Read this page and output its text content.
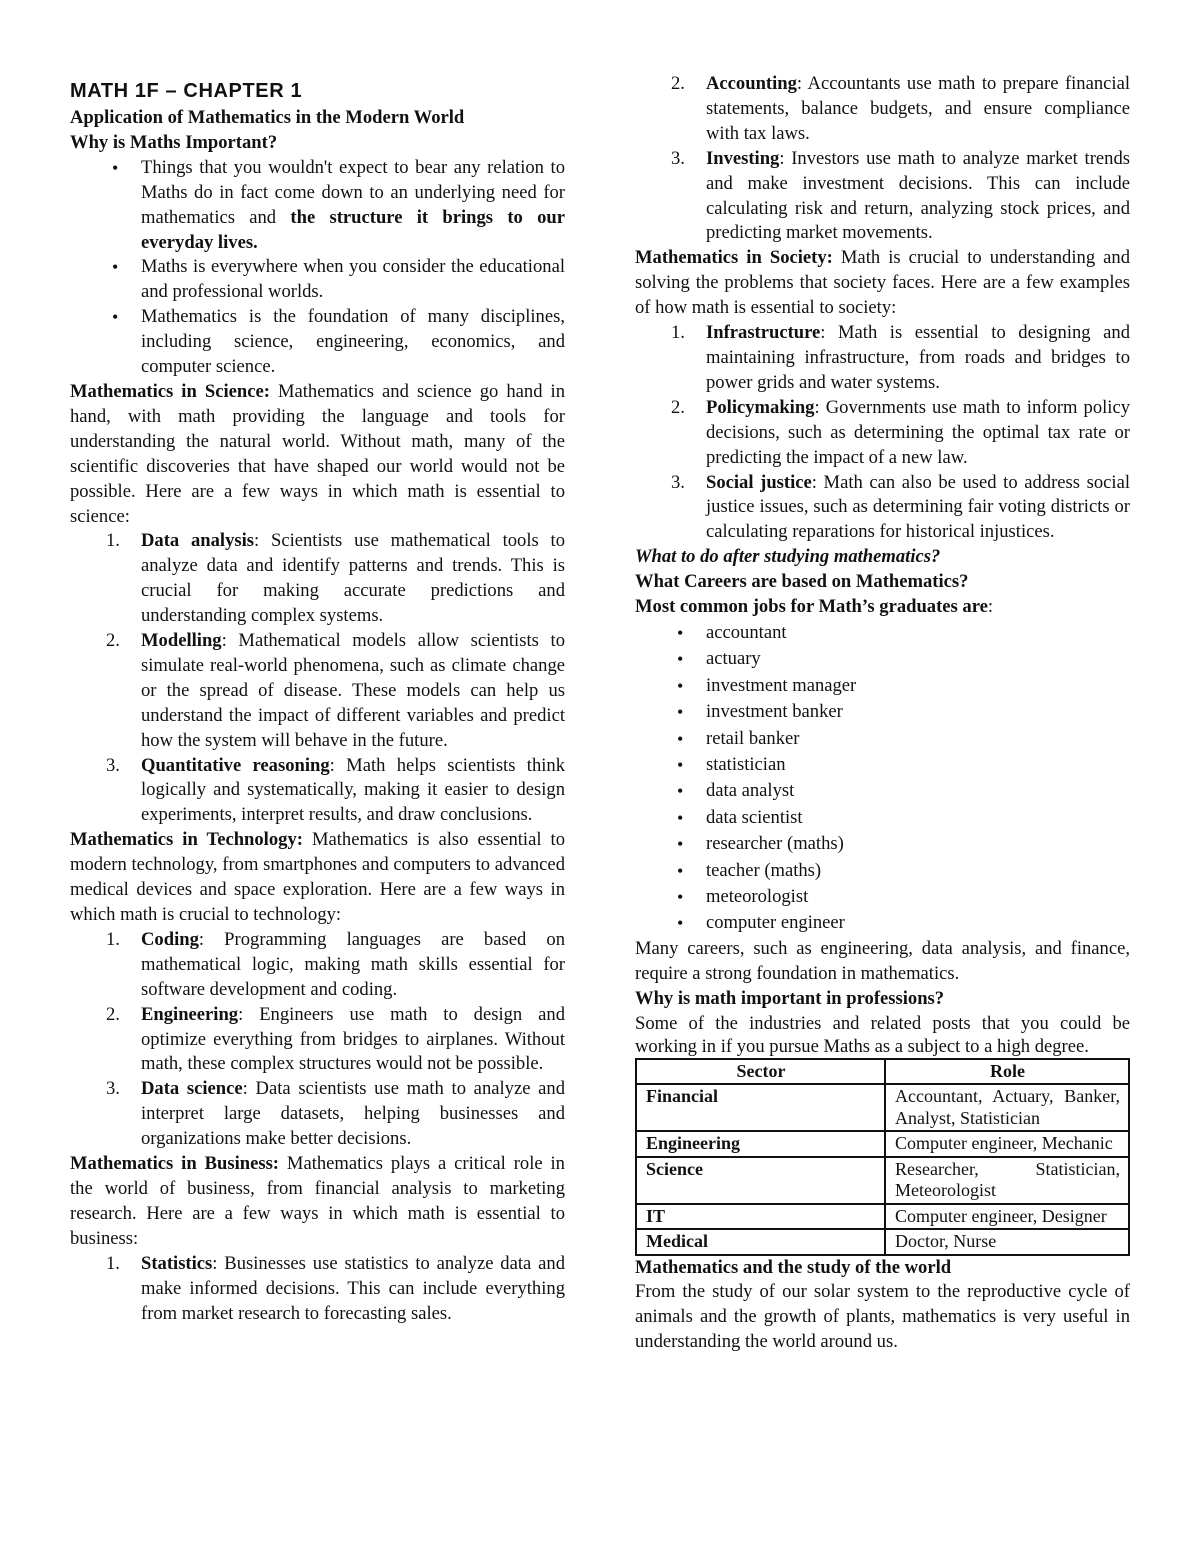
MATH 1F – CHAPTER 1

Application of Mathematics in the Modern World

Why is Maths Important?

• Things that you wouldn't expect to bear any relation to Maths do in fact come down to an underlying need for mathematics and the structure it brings to our everyday lives.
• Maths is everywhere when you consider the educational and professional worlds.
• Mathematics is the foundation of many disciplines, including science, engineering, economics, and computer science.

Mathematics in Science: Mathematics and science go hand in hand, with math providing the language and tools for understanding the natural world. Without math, many of the scientific discoveries that have shaped our world would not be possible. Here are a few ways in which math is essential to science:

1. Data analysis: Scientists use mathematical tools to analyze data and identify patterns and trends. This is crucial for making accurate predictions and understanding complex systems.
2. Modelling: Mathematical models allow scientists to simulate real-world phenomena, such as climate change or the spread of disease. These models can help us understand the impact of different variables and predict how the system will behave in the future.
3. Quantitative reasoning: Math helps scientists think logically and systematically, making it easier to design experiments, interpret results, and draw conclusions.

Mathematics in Technology: Mathematics is also essential to modern technology, from smartphones and computers to advanced medical devices and space exploration. Here are a few ways in which math is crucial to technology:

1. Coding: Programming languages are based on mathematical logic, making math skills essential for software development and coding.
2. Engineering: Engineers use math to design and optimize everything from bridges to airplanes. Without math, these complex structures would not be possible.
3. Data science: Data scientists use math to analyze and interpret large datasets, helping businesses and organizations make better decisions.

Mathematics in Business: Mathematics plays a critical role in the world of business, from financial analysis to marketing research. Here are a few ways in which math is essential to business:

1. Statistics: Businesses use statistics to analyze data and make informed decisions. This can include everything from market research to forecasting sales.
2. Accounting: Accountants use math to prepare financial statements, balance budgets, and ensure compliance with tax laws.
3. Investing: Investors use math to analyze market trends and make investment decisions. This can include calculating risk and return, analyzing stock prices, and predicting market movements.

Mathematics in Society: Math is crucial to understanding and solving the problems that society faces. Here are a few examples of how math is essential to society:

1. Infrastructure: Math is essential to designing and maintaining infrastructure, from roads and bridges to power grids and water systems.
2. Policymaking: Governments use math to inform policy decisions, such as determining the optimal tax rate or predicting the impact of a new law.
3. Social justice: Math can also be used to address social justice issues, such as determining fair voting districts or calculating reparations for historical injustices.

What to do after studying mathematics?

What Careers are based on Mathematics?

Most common jobs for Math’s graduates are:

• accountant
• actuary
• investment manager
• investment banker
• retail banker
• statistician
• data analyst
• data scientist
• researcher (maths)
• teacher (maths)
• meteorologist
• computer engineer

Many careers, such as engineering, data analysis, and finance, require a strong foundation in mathematics.

Why is math important in professions?

Some of the industries and related posts that you could be working in if you pursue Maths as a subject to a high degree.

Sector	Role
Financial	Accountant, Actuary, Banker, Analyst, Statistician
Engineering	Computer engineer, Mechanic
Science	Researcher, Statistician, Meteorologist
IT	Computer engineer, Designer
Medical	Doctor, Nurse

Mathematics and the study of the world

From the study of our solar system to the reproductive cycle of animals and the growth of plants, mathematics is very useful in understanding the world around us.
